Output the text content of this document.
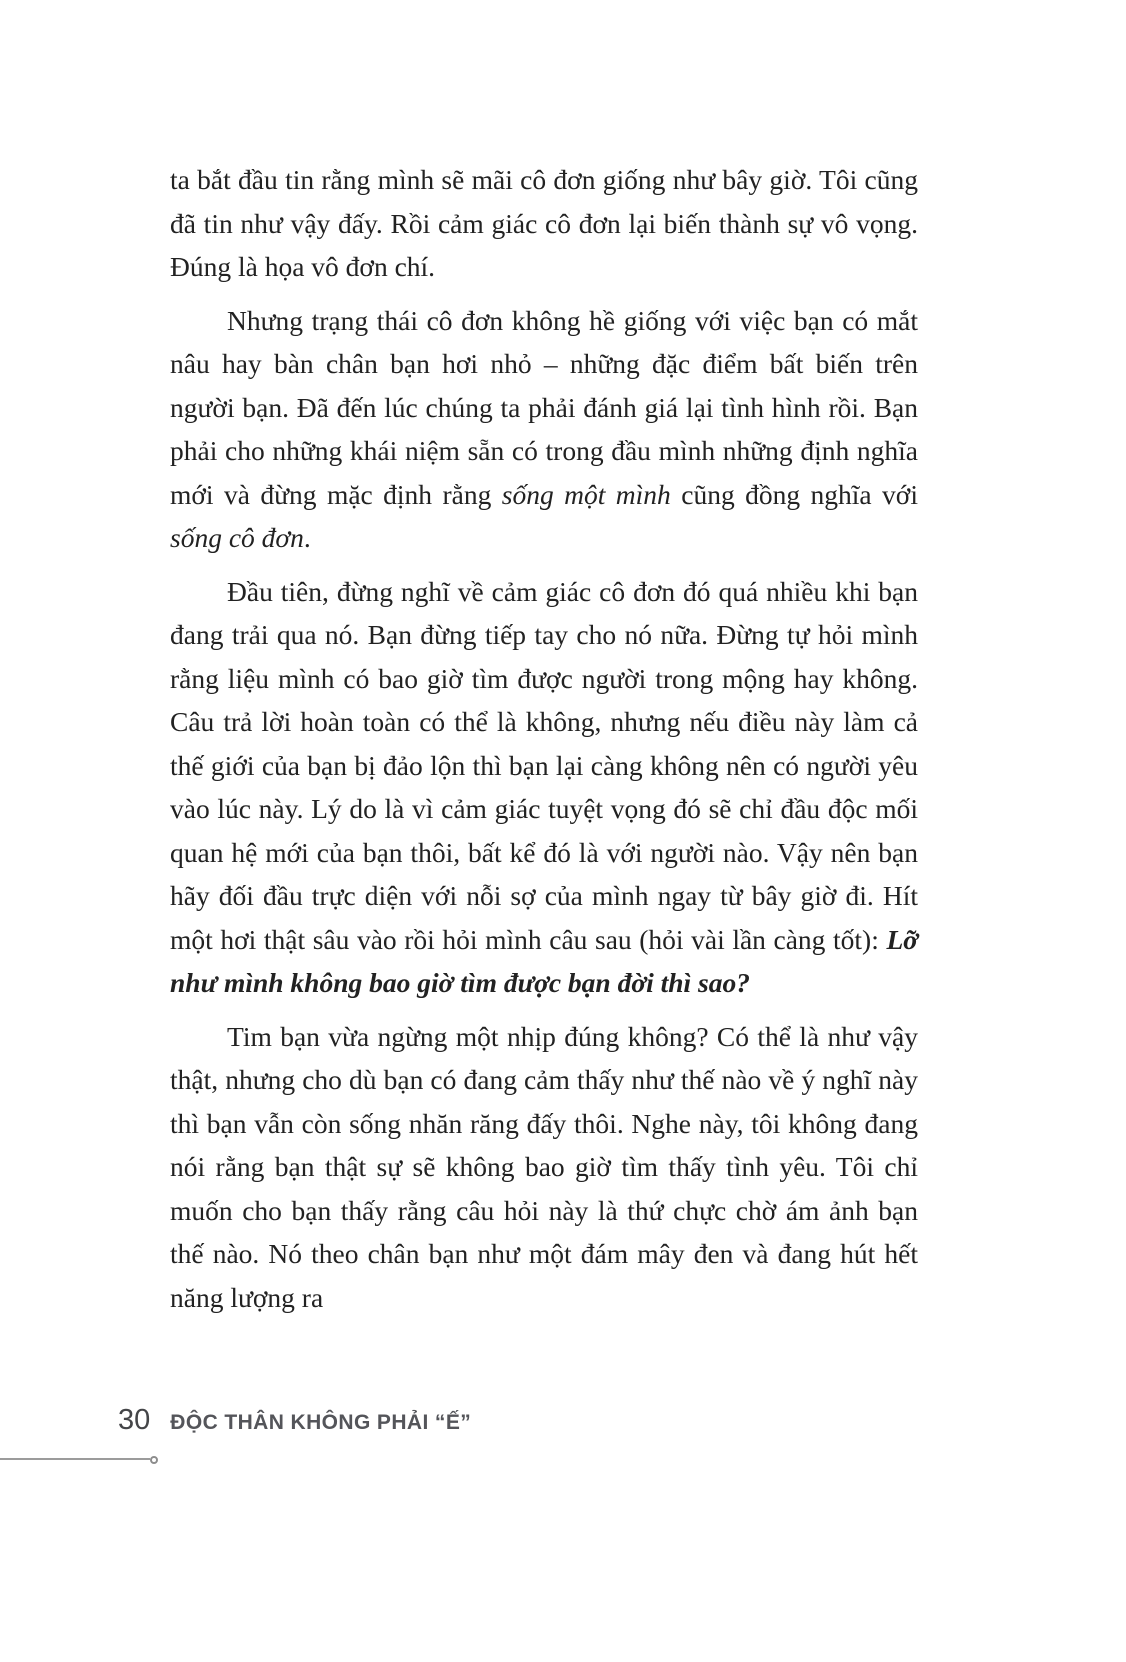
ta bắt đầu tin rằng mình sẽ mãi cô đơn giống như bây giờ. Tôi cũng đã tin như vậy đấy. Rồi cảm giác cô đơn lại biến thành sự vô vọng. Đúng là họa vô đơn chí.

Nhưng trạng thái cô đơn không hề giống với việc bạn có mắt nâu hay bàn chân bạn hơi nhỏ – những đặc điểm bất biến trên người bạn. Đã đến lúc chúng ta phải đánh giá lại tình hình rồi. Bạn phải cho những khái niệm sẵn có trong đầu mình những định nghĩa mới và đừng mặc định rằng sống một mình cũng đồng nghĩa với sống cô đơn.

Đầu tiên, đừng nghĩ về cảm giác cô đơn đó quá nhiều khi bạn đang trải qua nó. Bạn đừng tiếp tay cho nó nữa. Đừng tự hỏi mình rằng liệu mình có bao giờ tìm được người trong mộng hay không. Câu trả lời hoàn toàn có thể là không, nhưng nếu điều này làm cả thế giới của bạn bị đảo lộn thì bạn lại càng không nên có người yêu vào lúc này. Lý do là vì cảm giác tuyệt vọng đó sẽ chỉ đầu độc mối quan hệ mới của bạn thôi, bất kể đó là với người nào. Vậy nên bạn hãy đối đầu trực diện với nỗi sợ của mình ngay từ bây giờ đi. Hít một hơi thật sâu vào rồi hỏi mình câu sau (hỏi vài lần càng tốt): Lỡ như mình không bao giờ tìm được bạn đời thì sao?

Tim bạn vừa ngừng một nhịp đúng không? Có thể là như vậy thật, nhưng cho dù bạn có đang cảm thấy như thế nào về ý nghĩ này thì bạn vẫn còn sống nhăn răng đấy thôi. Nghe này, tôi không đang nói rằng bạn thật sự sẽ không bao giờ tìm thấy tình yêu. Tôi chỉ muốn cho bạn thấy rằng câu hỏi này là thứ chực chờ ám ảnh bạn thế nào. Nó theo chân bạn như một đám mây đen và đang hút hết năng lượng ra

30 ĐỘC THÂN KHÔNG PHẢI “Ế”
